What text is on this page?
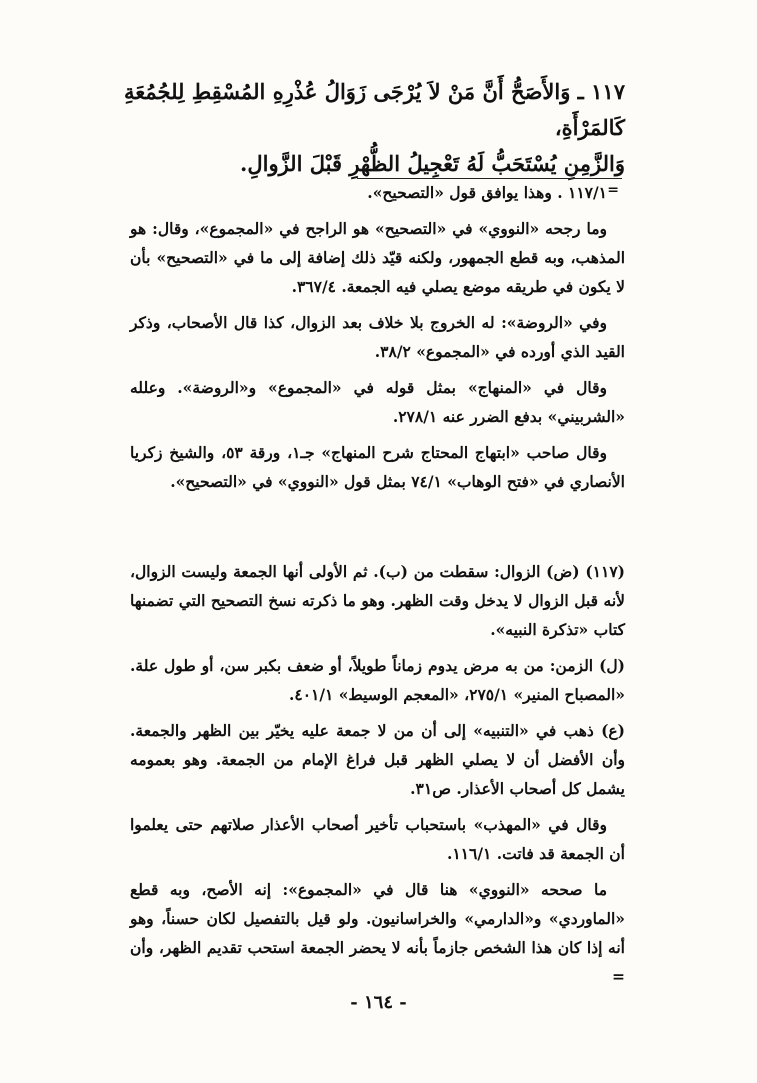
١١٧ ـ وَالأَصَحُّ أَنَّ مَنْ لاَ يُرْجَى زَوَالُ عُذْرِهِ المُسْقِطِ لِلجُمُعَةِ كَالمَرْأَةِ،
وَالزَّمِنِ يُسْتَحَبُّ لَهُ تَعْجِيلُ الظُّهْرِ قَبْلَ الزَّوالِ.
=

١١٧/١ . وهذا يوافق قول «التصحيح».

وما رجحه «النووي» في «التصحيح» هو الراجح في «المجموع»، وقال: هو المذهب، وبه قطع الجمهور، ولكنه قيّد ذلك إضافة إلى ما في «التصحيح» بأن لا يكون في طريقه موضع يصلي فيه الجمعة. ٣٦٧/٤.

وفي «الروضة»: له الخروج بلا خلاف بعد الزوال، كذا قال الأصحاب، وذكر القيد الذي أورده في «المجموع» ٣٨/٢.

وقال في «المنهاج» بمثل قوله في «المجموع» و«الروضة». وعلله «الشربيني» بدفع الضرر عنه ٢٧٨/١.

وقال صاحب «ابتهاج المحتاج شرح المنهاج» جـ١، ورقة ٥٣، والشيخ زكريا الأنصاري في «فتح الوهاب» ٧٤/١ بمثل قول «النووي» في «التصحيح».

(١١٧) (ض) الزوال: سقطت من (ب). ثم الأولى أنها الجمعة وليست الزوال، لأنه قبل الزوال لا يدخل وقت الظهر. وهو ما ذكرته نسخ التصحيح التي تضمنها كتاب «تذكرة النبيه».

(ل) الزمن: من به مرض يدوم زماناً طويلاً، أو ضعف بكبر سن، أو طول علة. «المصباح المنير» ٢٧٥/١، «المعجم الوسيط» ٤٠١/١.

(ع) ذهب في «التنبيه» إلى أن من لا جمعة عليه يخيّر بين الظهر والجمعة. وأن الأفضل أن لا يصلي الظهر قبل فراغ الإمام من الجمعة. وهو بعمومه يشمل كل أصحاب الأعذار. ص٣١.

وقال في «المهذب» باستحباب تأخير أصحاب الأعذار صلاتهم حتى يعلموا أن الجمعة قد فاتت. ١١٦/١.

ما صححه «النووي» هنا قال في «المجموع»: إنه الأصح، وبه قطع «الماوردي» و«الدارمي» والخراسانيون. ولو قيل بالتفصيل لكان حسناً، وهو أنه إذا كان هذا الشخص جازماً بأنه لا يحضر الجمعة استحب تقديم الظهر، وأن =

- ١٦٤ -
